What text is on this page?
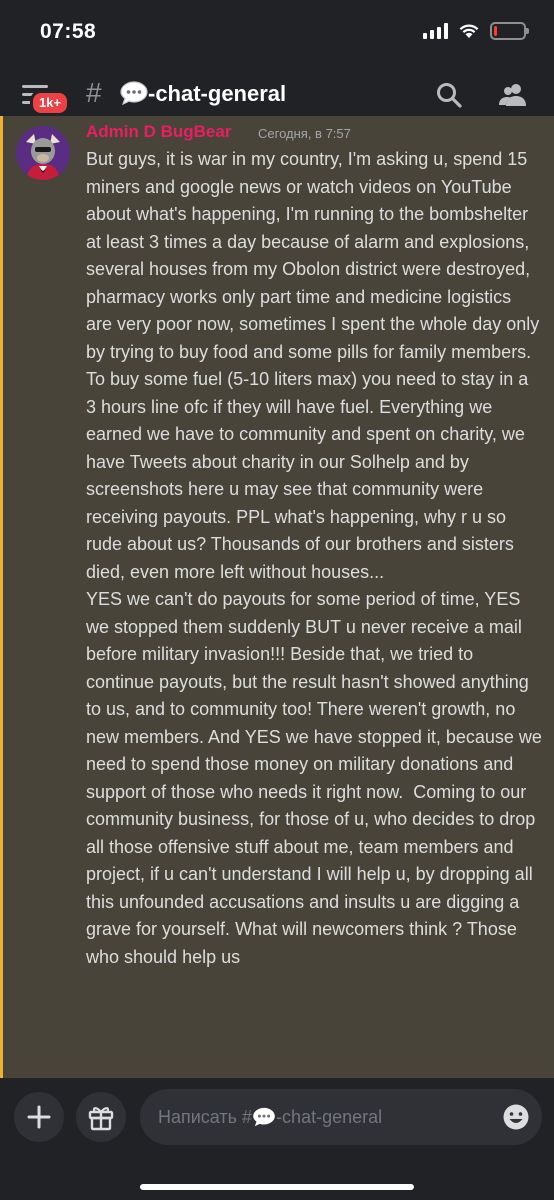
07:58
# -chat-general
1k+
Admin D BugBear Сегодня, в 7:57
But guys, it is war in my country, I'm asking u, spend 15 miners and google news or watch videos on YouTube about what's happening, I'm running to the bombshelter at least 3 times a day because of alarm and explosions, several houses from my Obolon district were destroyed, pharmacy works only part time and medicine logistics are very poor now, sometimes I spent the whole day only by trying to buy food and some pills for family members. To buy some fuel (5-10 liters max) you need to stay in a 3 hours line ofc if they will have fuel. Everything we earned we have to community and spent on charity, we have Tweets about charity in our Solhelp and by screenshots here u may see that community were receiving payouts. PPL what's happening, why r u so rude about us? Thousands of our brothers and sisters died, even more left without houses...
YES we can't do payouts for some period of time, YES we stopped them suddenly BUT u never receive a mail before military invasion!!! Beside that, we tried to continue payouts, but the result hasn't showed anything to us, and to community too! There weren't growth, no new members. And YES we have stopped it, because we need to spend those money on military donations and support of those who needs it right now.  Coming to our community business, for those of u, who decides to drop all those offensive stuff about me, team members and project, if u can't understand I will help u, by dropping all this unfounded accusations and insults u are digging a grave for yourself. What will newcomers think ? Those who should help us
Написать # -chat-general
